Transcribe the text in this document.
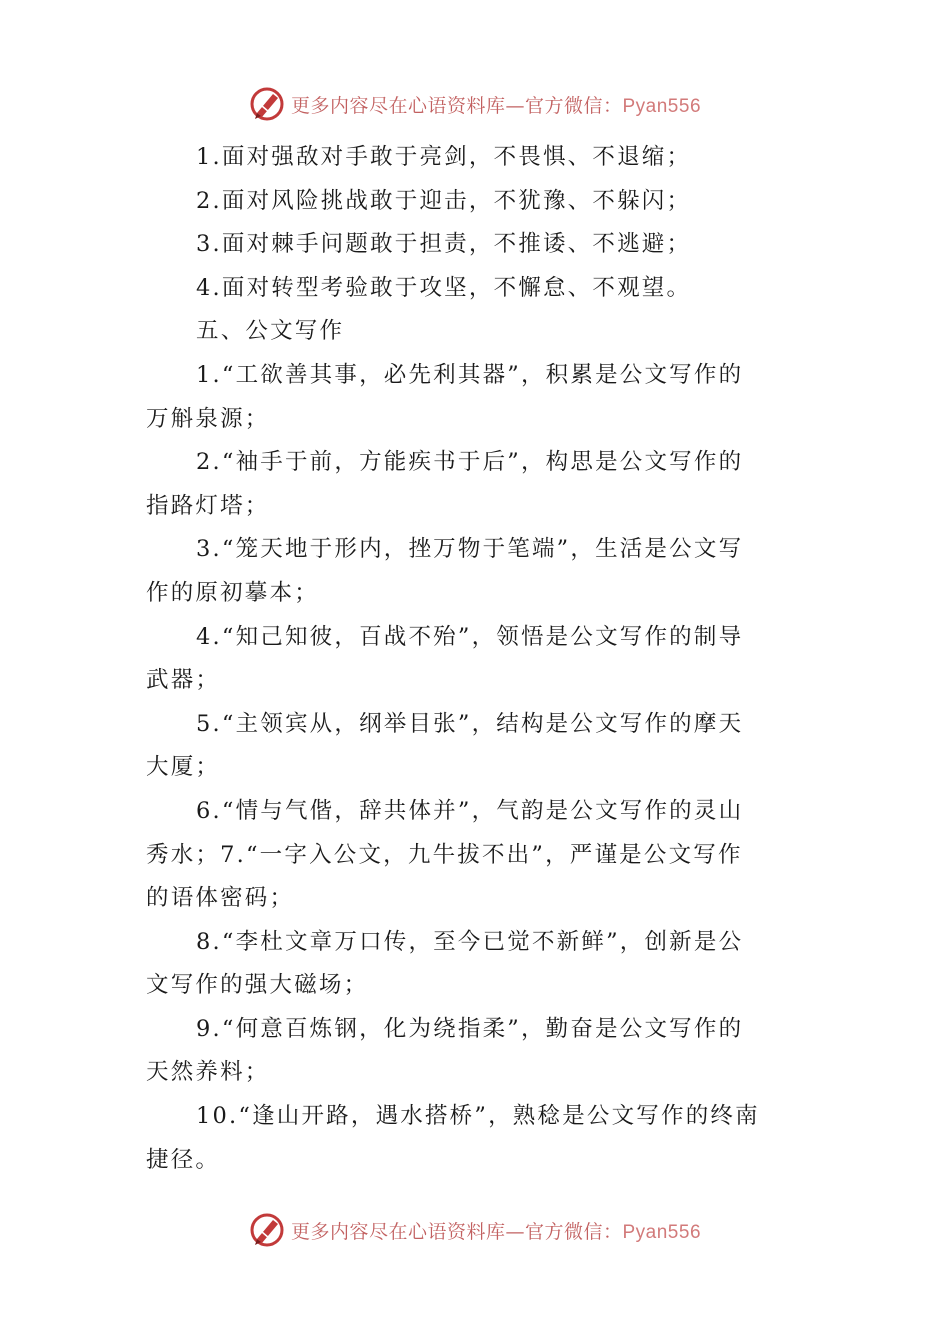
更多内容尽在心语资料库—官方微信：Pyan556
1.面对强敌对手敢于亮剑，不畏惧、不退缩；
2.面对风险挑战敢于迎击，不犹豫、不躲闪；
3.面对棘手问题敢于担责，不推诿、不逃避；
4.面对转型考验敢于攻坚，不懈怠、不观望。
五、公文写作
1.“工欲善其事，必先利其器”，积累是公文写作的
万斛泉源；
2.“袖手于前，方能疾书于后”，构思是公文写作的
指路灯塔；
3.“笼天地于形内，挫万物于笔端”，生活是公文写
作的原初摹本；
4.“知己知彼，百战不殆”，领悟是公文写作的制导
武器；
5.“主领宾从，纲举目张”，结构是公文写作的摩天
大厦；
6.“情与气偕，辞共体并”，气韵是公文写作的灵山
秀水；7.“一字入公文，九牛拔不出”，严谨是公文写作
的语体密码；
8.“李杜文章万口传，至今已觉不新鲜”，创新是公
文写作的强大磁场；
9.“何意百炼钢，化为绕指柔”，勤奋是公文写作的
天然养料；
10.“逢山开路，遇水搭桥”，熟稔是公文写作的终南
捷径。
更多内容尽在心语资料库—官方微信：Pyan556
